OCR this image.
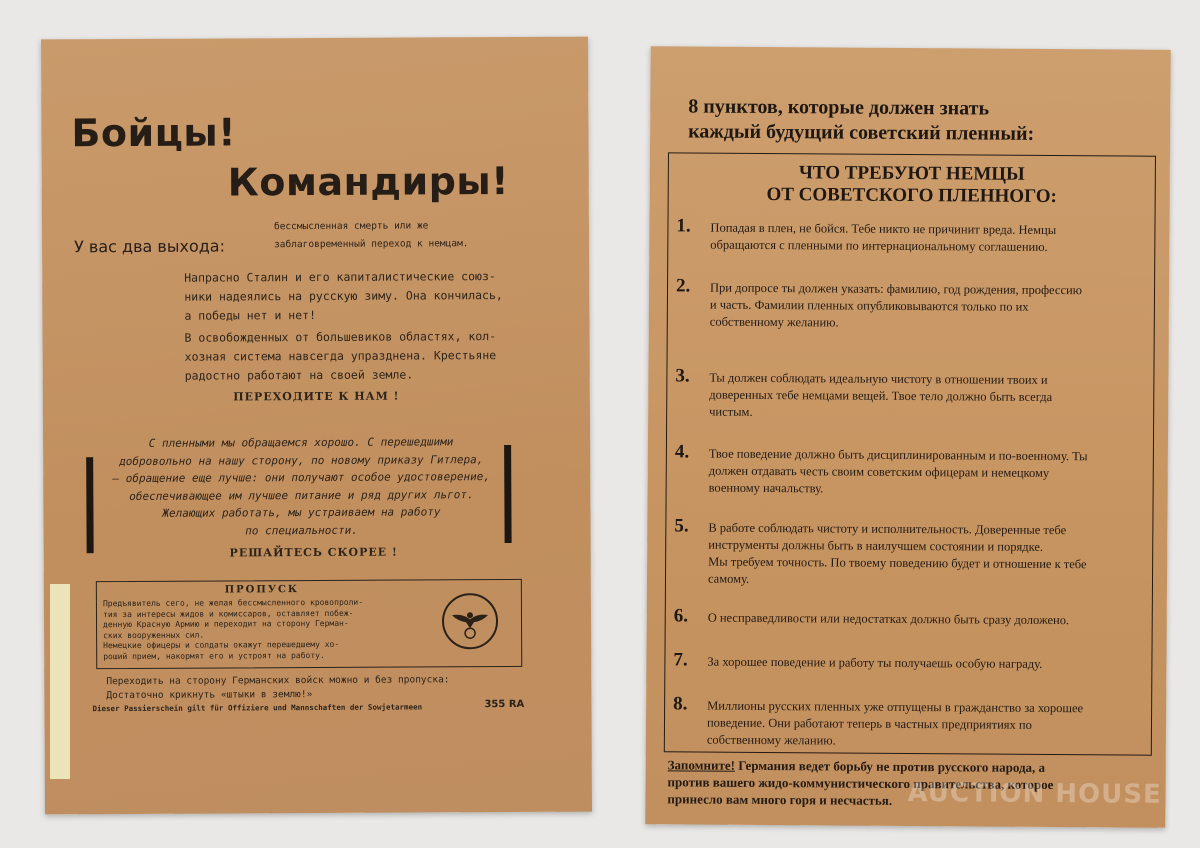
Бойцы!
Командиры!
У вас два выхода:
бессмысленная смерть или же
заблаговременный переход к немцам.
Напрасно Сталин и его капиталистические союз-
ники надеялись на русскую зиму. Она кончилась,
а победы нет и нет!
В освобожденных от большевиков областях, кол-
хозная система навсегда упразднена. Крестьяне
радостно работают на своей земле.
ПЕРЕХОДИТЕ К НАМ !
С пленными мы обращаемся хорошо. С перешедшими
добровольно на нашу сторону, по новому приказу Гитлера,
— обращение еще лучше: они получают особое удостоверение,
обеспечивающее им лучшее питание и ряд других льгот.
Желающих работать, мы устраиваем на работу
по специальности.
РЕШАЙТЕСЬ СКОРЕЕ !
ПРОПУСК
Предъявитель сего, не желая бессмысленного кровопроли-
тия за интересы жидов и комиссаров, оставляет побеж-
денную Красную Армию и переходит на сторону Герман-
ских вооруженных сил.
Немецкие офицеры и солдаты окажут перешедшему хо-
роший прием, накормят его и устроят на работу.
Переходить на сторону Германских войск можно и без пропуска:
Достаточно крикнуть «штыки в землю!»
Dieser Passierschein gilt für Offiziere und Mannschaften der Sowjetarmeen	355 RA
8 пунктов, которые должен знать
каждый будущий советский пленный:
ЧТО ТРЕБУЮТ НЕМЦЫ
ОТ СОВЕТСКОГО ПЛЕННОГО:
1. Попадая в плен, не бойся. Тебе никто не причинит вреда. Немцы
обращаются с пленными по интернациональному соглашению.
2. При допросе ты должен указать: фамилию, год рождения, профессию
и часть. Фамилии пленных опубликовываются только по их
собственному желанию.
3. Ты должен соблюдать идеальную чистоту в отношении твоих и
доверенных тебе немцами вещей. Твое тело должно быть всегда
чистым.
4. Твое поведение должно быть дисциплинированным и по-военному. Ты
должен отдавать честь своим советским офицерам и немецкому
военному начальству.
5. В работе соблюдать чистоту и исполнительность. Доверенные тебе
инструменты должны быть в наилучшем состоянии и порядке.
Мы требуем точность. По твоему поведению будет и отношение к тебе
самому.
6. О несправедливости или недостатках должно быть сразу доложено.
7. За хорошее поведение и работу ты получаешь особую награду.
8. Миллионы русских пленных уже отпущены в гражданство за хорошее
поведение. Они работают теперь в частных предприятиях по
собственному желанию.
Запомните! Германия ведет борьбу не против русского народа, а
против вашего жидо-коммунистического правительства, которое
принесло вам много горя и несчастья. AUCTION HOUSE
